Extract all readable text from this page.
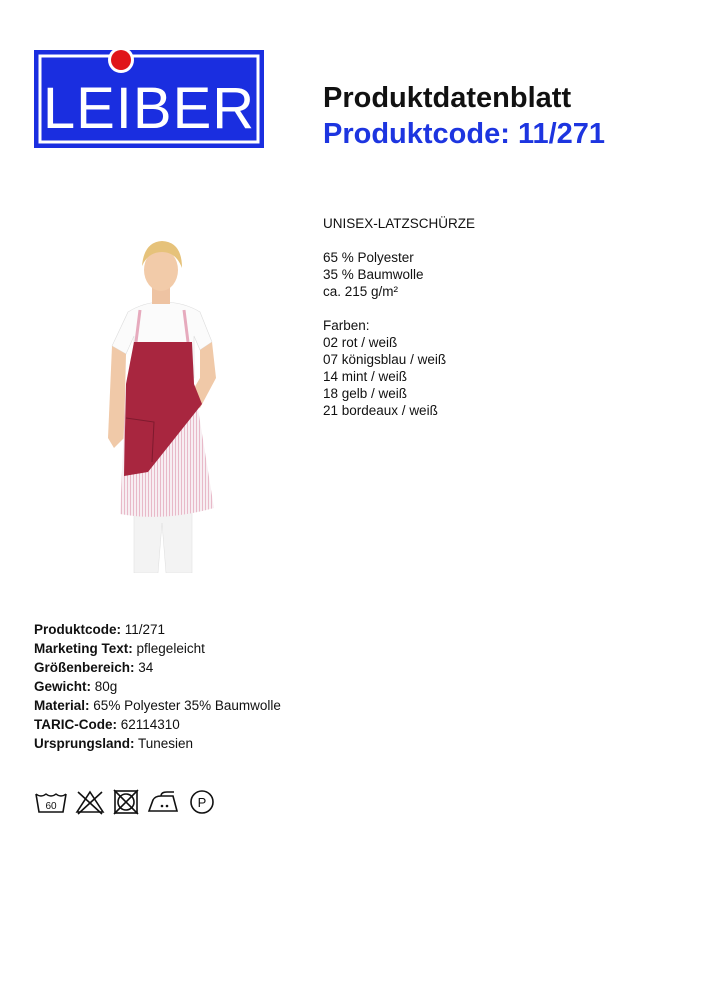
LEIBER Produktdatenblatt
Produktcode: 11/271
UNISEX-LATZSCHÜRZE
65 % Polyester
35 % Baumwolle
ca. 215 g/m²
Farben:
02 rot / weiß
07 königsblau / weiß
14 mint / weiß
18 gelb / weiß
21 bordeaux / weiß
Produktcode: 11/271
Marketing Text: pflegeleicht
Größenbereich: 34
Gewicht: 80g
Material: 65% Polyester 35% Baumwolle
TARIC-Code: 62114310
Ursprungsland: Tunesien
60	P
